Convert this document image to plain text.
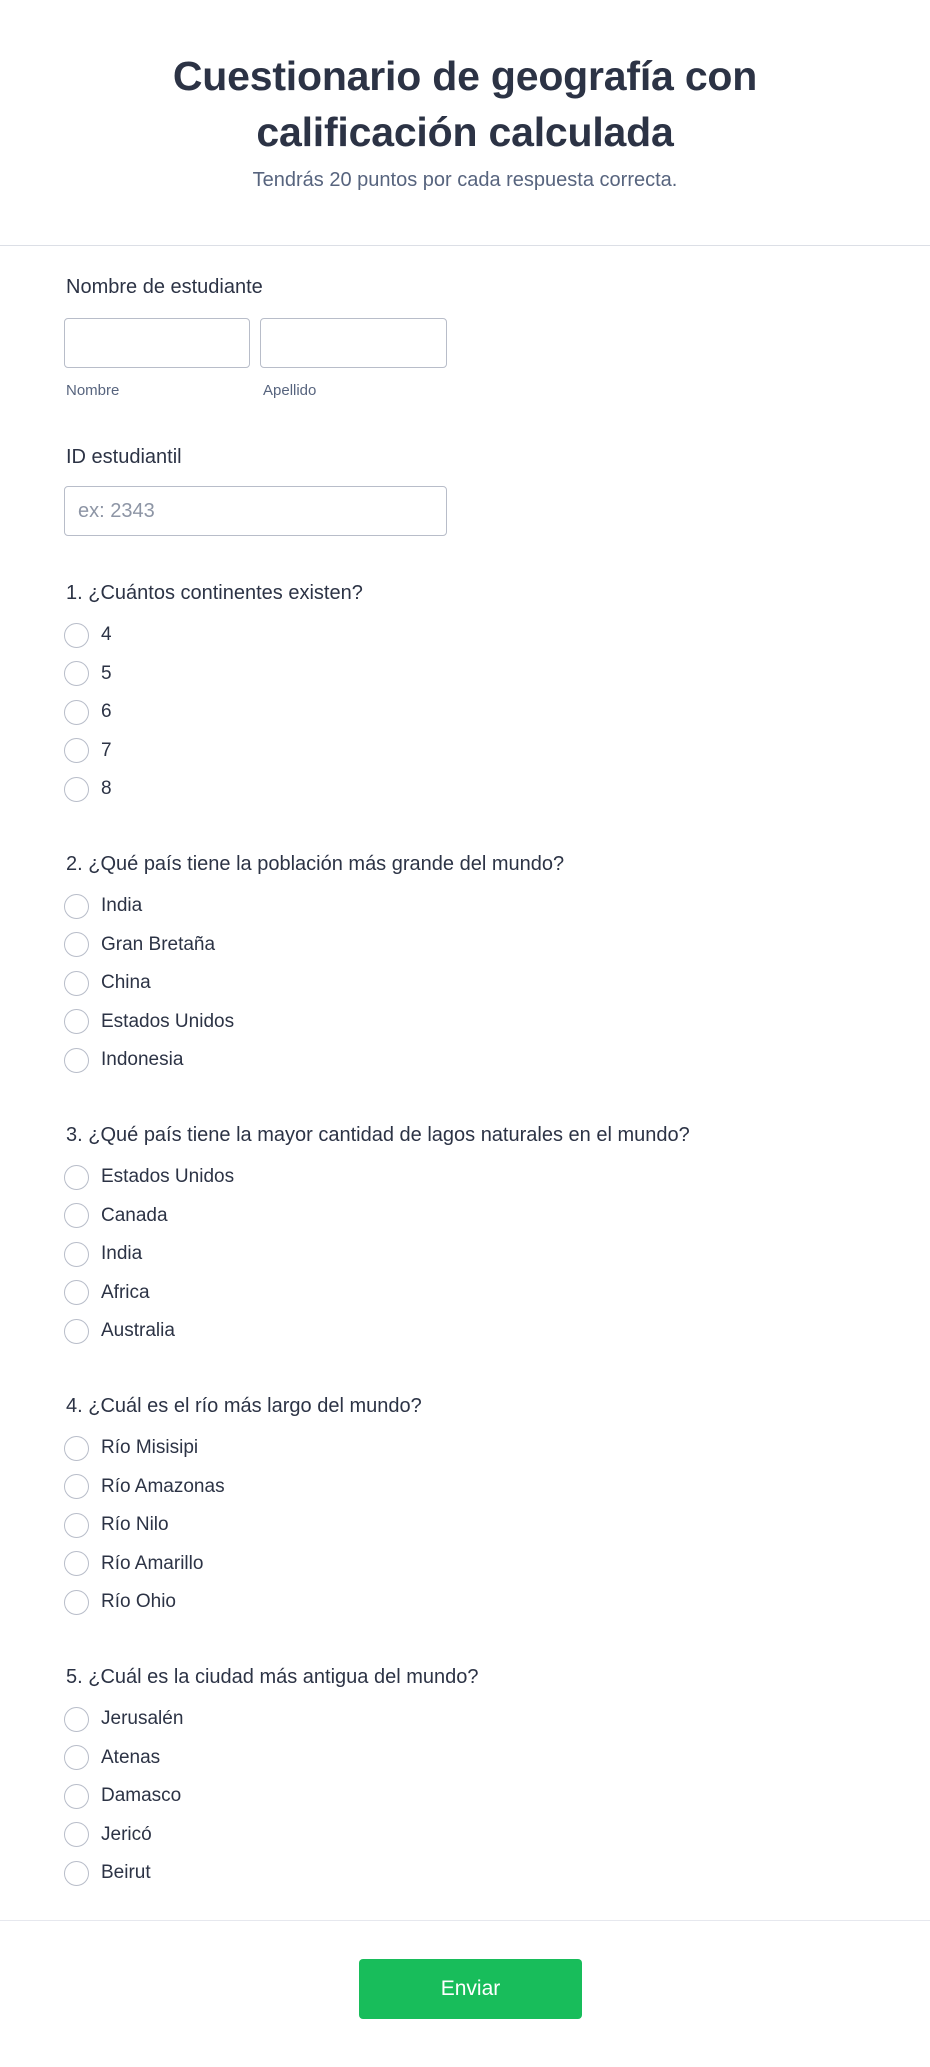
Cuestionario de geografía con calificación calculada

Tendrás 20 puntos por cada respuesta correcta.

Nombre de estudiante
Nombre	Apellido
ID estudiantil
ex: 2343
1. ¿Cuántos continentes existen?
4
5
6
7
8
2. ¿Qué país tiene la población más grande del mundo?
India
Gran Bretaña
China
Estados Unidos
Indonesia
3. ¿Qué país tiene la mayor cantidad de lagos naturales en el mundo?
Estados Unidos
Canada
India
Africa
Australia
4. ¿Cuál es el río más largo del mundo?
Río Misisipi
Río Amazonas
Río Nilo
Río Amarillo
Río Ohio
5. ¿Cuál es la ciudad más antigua del mundo?
Jerusalén
Atenas
Damasco
Jericó
Beirut
Enviar
